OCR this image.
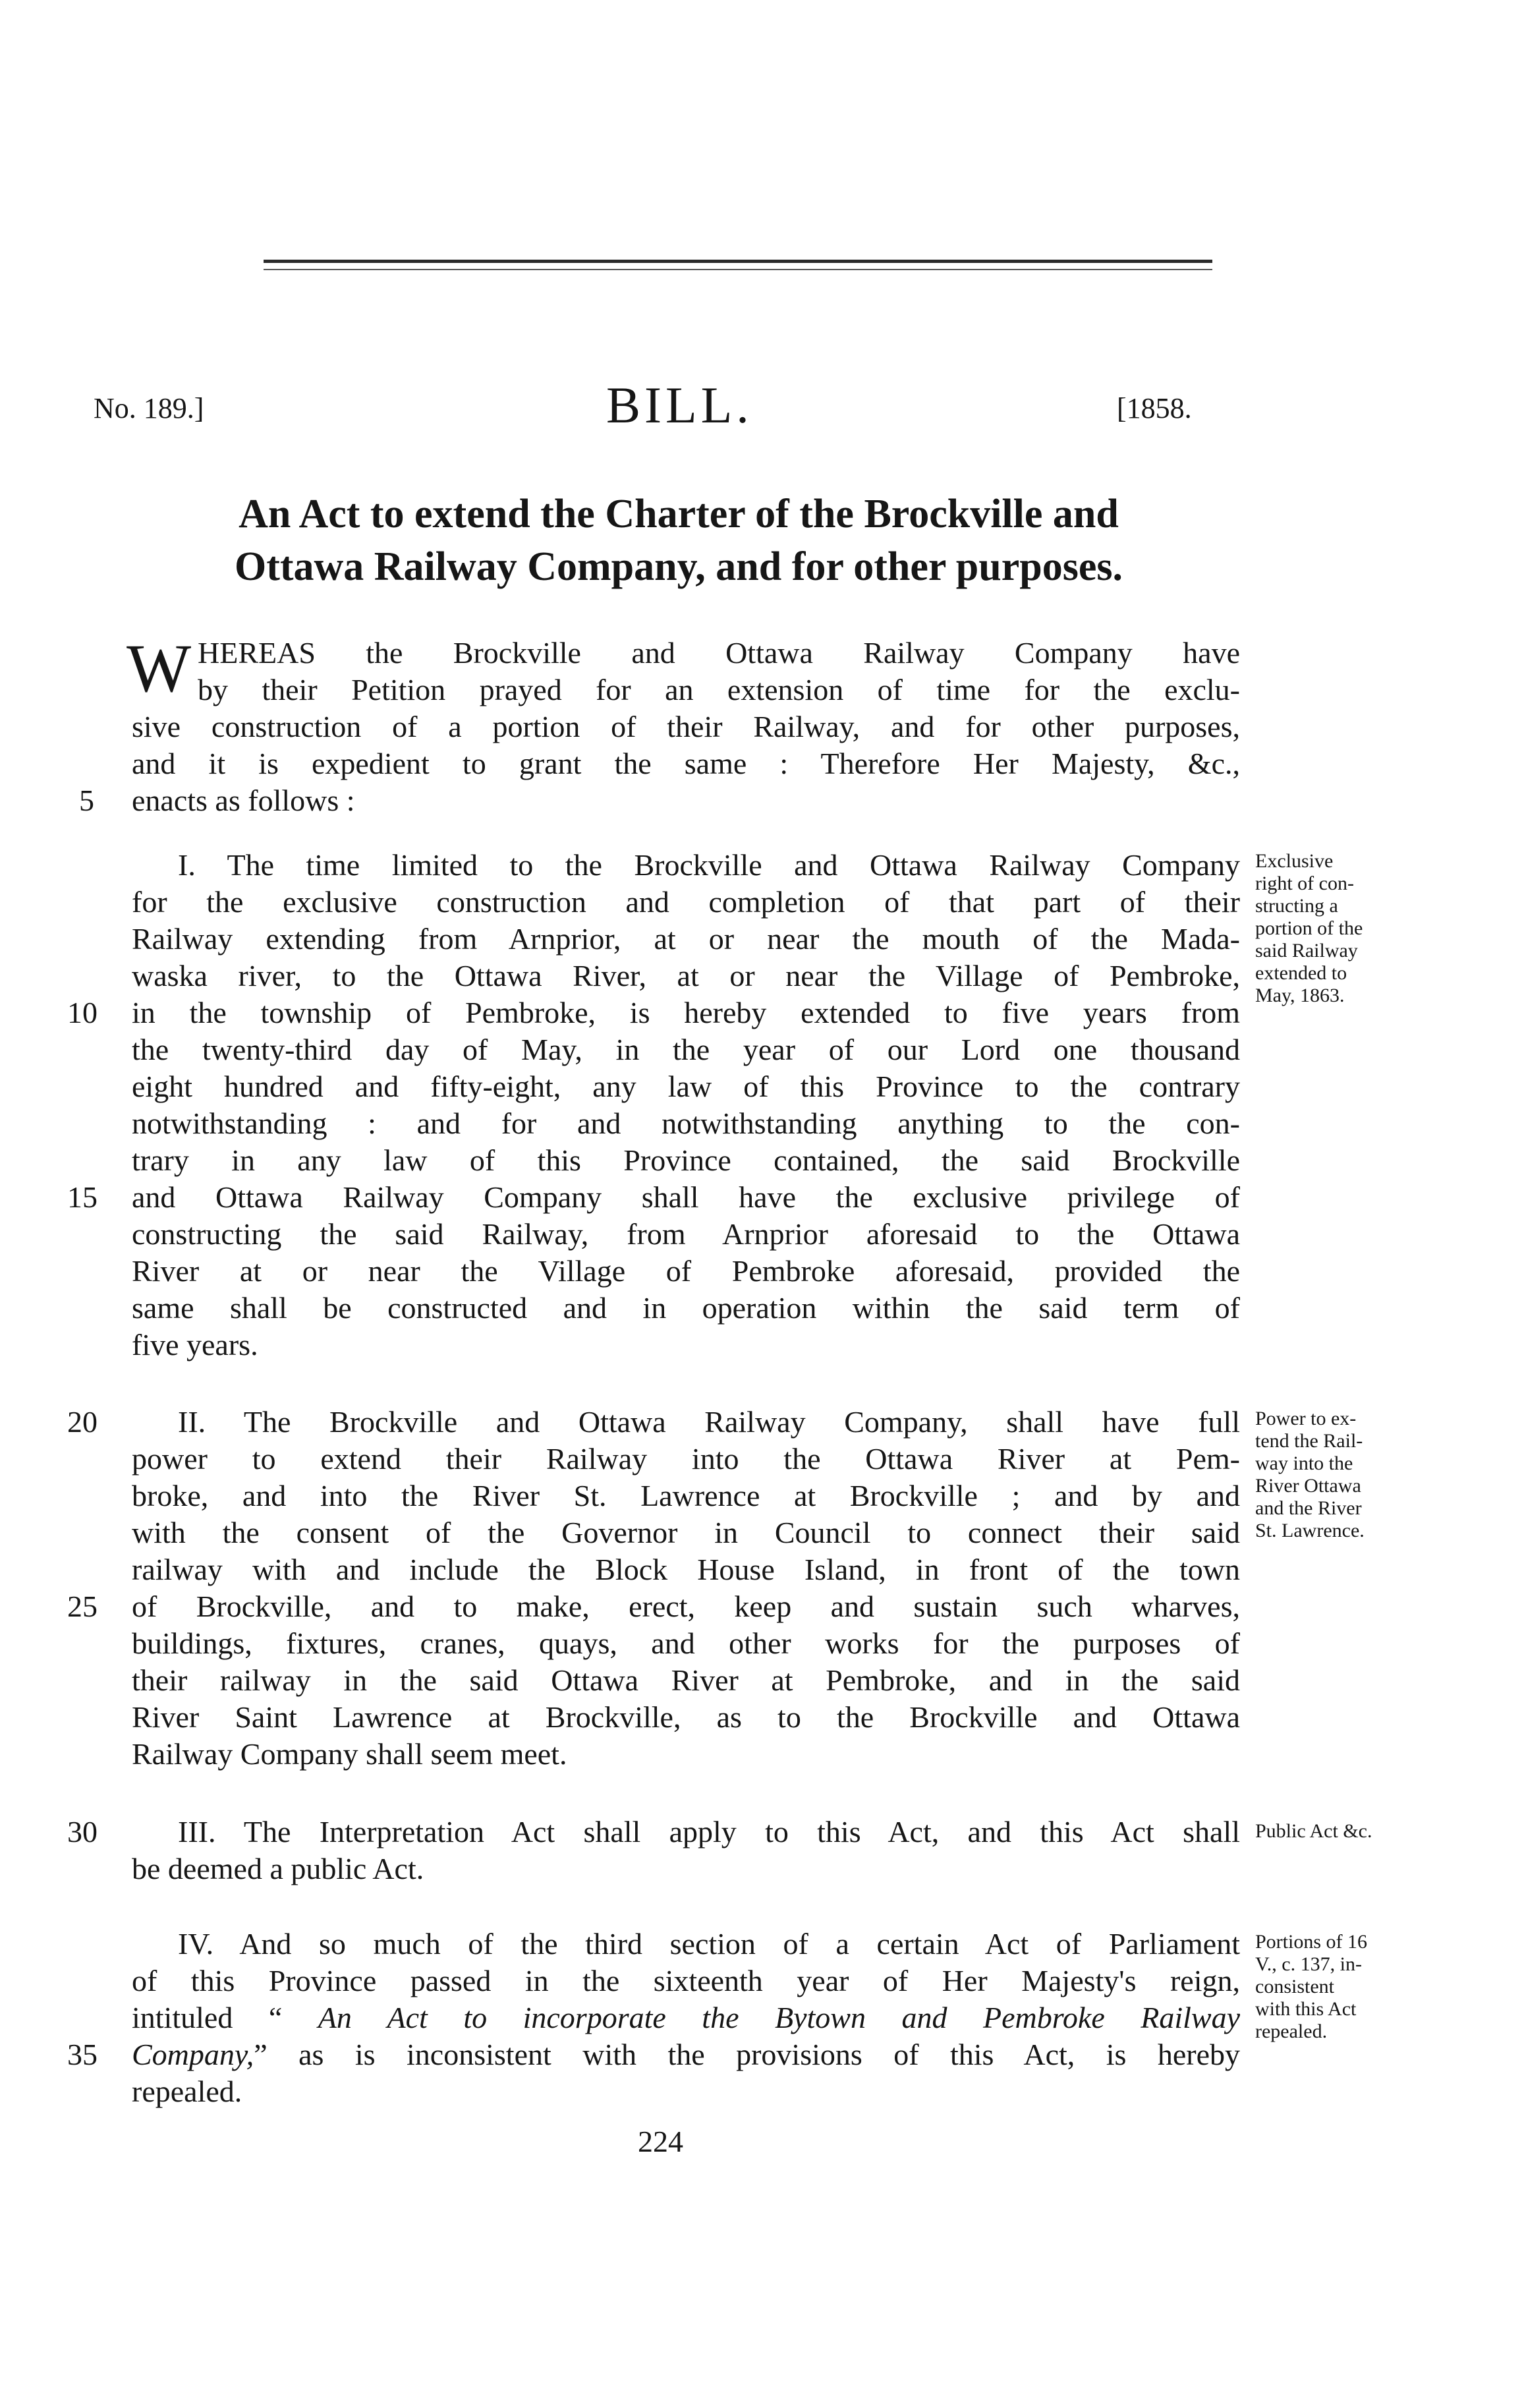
No. 189.]	BILL.	[1858.
An Act to extend the Charter of the Brockville and
Ottawa Railway Company, and for other purposes.
W HEREAS the Brockville and Ottawa Railway Company have
by their Petition prayed for an extension of time for the exclu-
sive construction of a portion of their Railway, and for other purposes,
and it is expedient to grant the same : Therefore Her Majesty, &c.,
enacts as follows :
I. The time limited to the Brockville and Ottawa Railway Company
for the exclusive construction and completion of that part of their
Railway extending from Arnprior, at or near the mouth of the Mada-
waska river, to the Ottawa River, at or near the Village of Pembroke,
in the township of Pembroke, is hereby extended to five years from
the twenty-third day of May, in the year of our Lord one thousand
eight hundred and fifty-eight, any law of this Province to the contrary
notwithstanding : and for and notwithstanding anything to the con-
trary in any law of this Province contained, the said Brockville
and Ottawa Railway Company shall have the exclusive privilege of
constructing the said Railway, from Arnprior aforesaid to the Ottawa
River at or near the Village of Pembroke aforesaid, provided the
same shall be constructed and in operation within the said term of
five years.
Exclusive
right of con-
structing a
portion of the
said Railway
extended to
May, 1863.
II. The Brockville and Ottawa Railway Company, shall have full
power to extend their Railway into the Ottawa River at Pem-
broke, and into the River St. Lawrence at Brockville ; and by and
with the consent of the Governor in Council to connect their said
railway with and include the Block House Island, in front of the town
of Brockville, and to make, erect, keep and sustain such wharves,
buildings, fixtures, cranes, quays, and other works for the purposes of
their railway in the said Ottawa River at Pembroke, and in the said
River Saint Lawrence at Brockville, as to the Brockville and Ottawa
Railway Company shall seem meet.
Power to ex-
tend the Rail-
way into the
River Ottawa
and the River
St. Lawrence.
III. The Interpretation Act shall apply to this Act, and this Act shall
be deemed a public Act.
Public Act &c.
IV. And so much of the third section of a certain Act of Parliament
of this Province passed in the sixteenth year of Her Majesty's reign,
intituled “ An Act to incorporate the Bytown and Pembroke Railway
Company,” as is inconsistent with the provisions of this Act, is hereby
repealed.
Portions of 16
V., c. 137, in-
consistent
with this Act
repealed.
5
10
15
20
25
30
35
224
